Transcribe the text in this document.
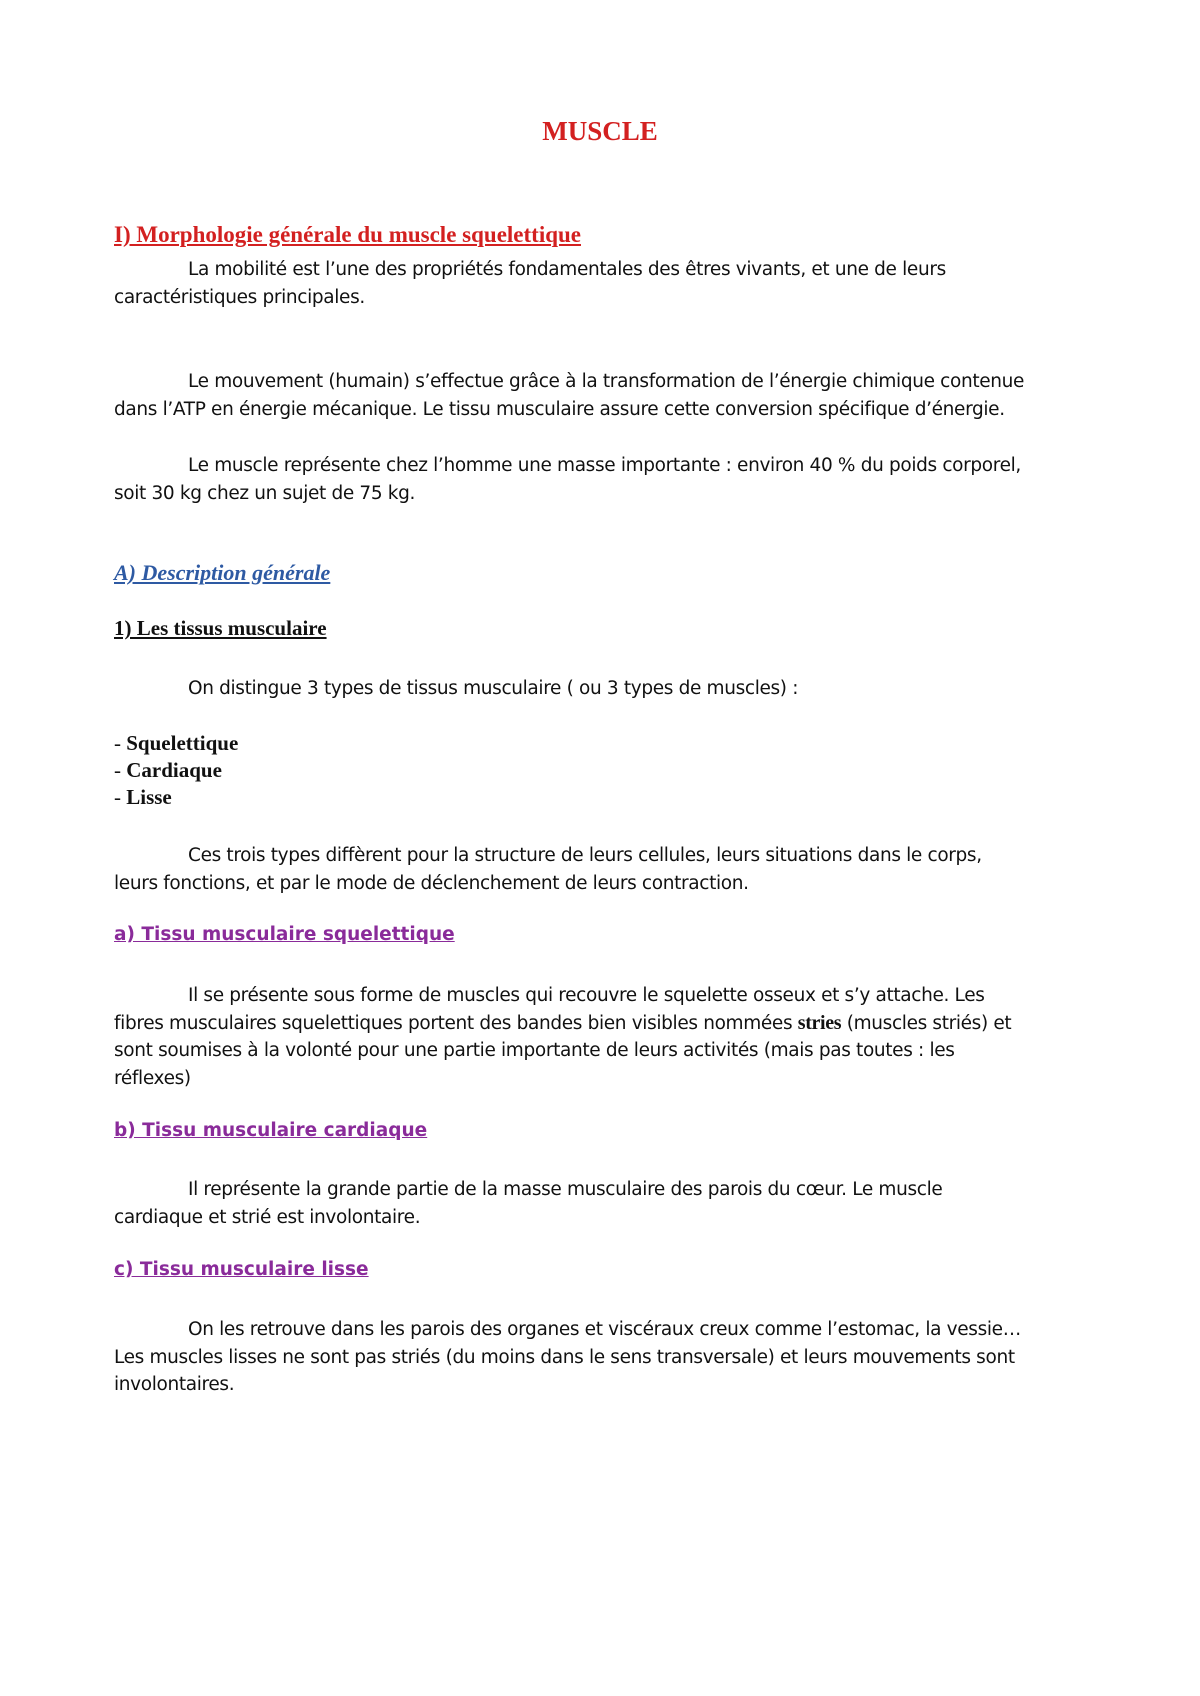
MUSCLE
I) Morphologie générale du muscle squelettique
La mobilité est l’une des propriétés fondamentales des êtres vivants, et une de leurs
caractéristiques principales.
Le mouvement (humain) s’effectue grâce à la transformation de l’énergie chimique contenue
dans l’ATP en énergie mécanique. Le tissu musculaire assure cette conversion spécifique d’énergie.
Le muscle représente chez l’homme une masse importante : environ 40 % du poids corporel,
soit 30 kg chez un sujet de 75 kg.
A) Description générale
1) Les tissus musculaire
On distingue 3 types de tissus musculaire ( ou 3 types de muscles) :
- Squelettique
- Cardiaque
- Lisse
Ces trois types diffèrent pour la structure de leurs cellules, leurs situations dans le corps,
leurs fonctions, et par le mode de déclenchement de leurs contraction.
a) Tissu musculaire squelettique
Il se présente sous forme de muscles qui recouvre le squelette osseux et s’y attache. Les
fibres musculaires squelettiques portent des bandes bien visibles nommées stries (muscles striés) et
sont soumises à la volonté pour une partie importante de leurs activités (mais pas toutes : les
réflexes)
b) Tissu musculaire cardiaque
Il représente la grande partie de la masse musculaire des parois du cœur. Le muscle
cardiaque et strié est involontaire.
c) Tissu musculaire lisse
On les retrouve dans les parois des organes et viscéraux creux comme l’estomac, la vessie…
Les muscles lisses ne sont pas striés (du moins dans le sens transversale) et leurs mouvements sont
involontaires.
